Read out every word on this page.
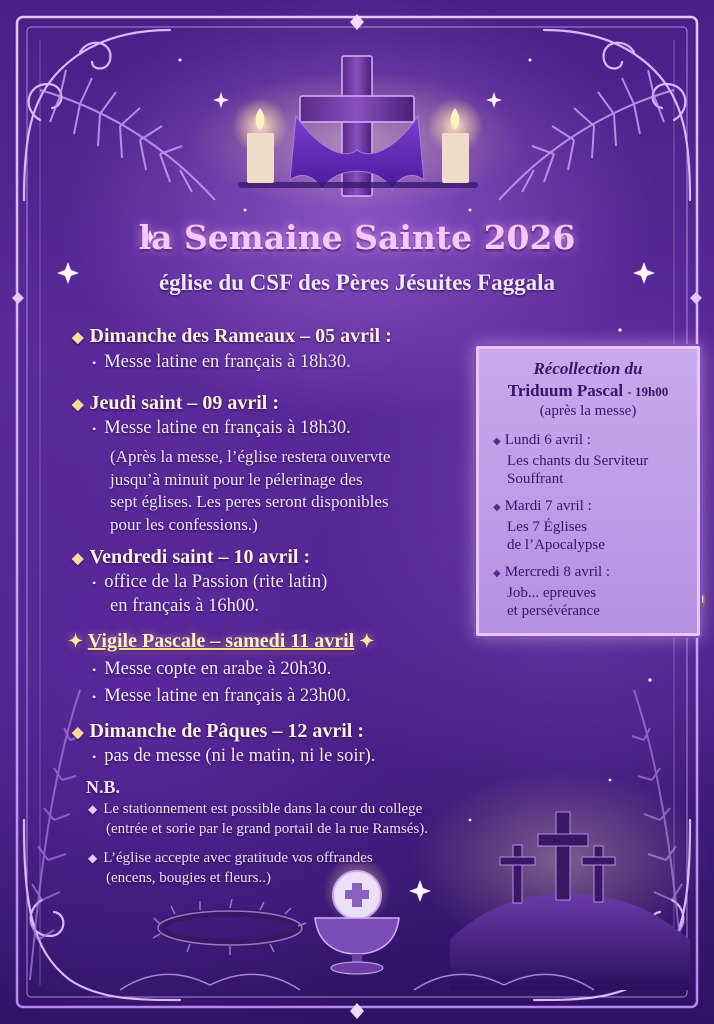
la Semaine Sainte 2026
église du CSF des Pères Jésuites Faggala
◆ Dimanche des Rameaux – 05 avril :
• Messe latine en français à 18h30.
◆ Jeudi saint – 09 avril :
• Messe latine en français à 18h30.
(Après la messe, l’église restera ouvervte
jusqu’à minuit pour le pélerinage des
sept églises. Les peres seront disponibles
pour les confessions.)
◆ Vendredi saint – 10 avril :
• office de la Passion (rite latin)
en français à 16h00.
✦ Vigile Pascale – samedi 11 avril ✦
• Messe copte en arabe à 20h30.
• Messe latine en français à 23h00.
◆ Dimanche de Pâques – 12 avril :
• pas de messe (ni le matin, ni le soir).
N.B.
◆ Le stationnement est possible dans la cour du college
(entrée et sorie par le grand portail de la rue Ramsés).
◆ L’église accepte avec gratitude vos offrandes
(encens, bougies et fleurs..)
Récollection du
Triduum Pascal - 19h00
(après la messe)
◆ Lundi 6 avril :
Les chants du Serviteur
Souffrant
◆ Mardi 7 avril :
Les 7 Églises
de l’Apocalypse
◆ Mercredi 8 avril :
Job... epreuves
et persévérance
